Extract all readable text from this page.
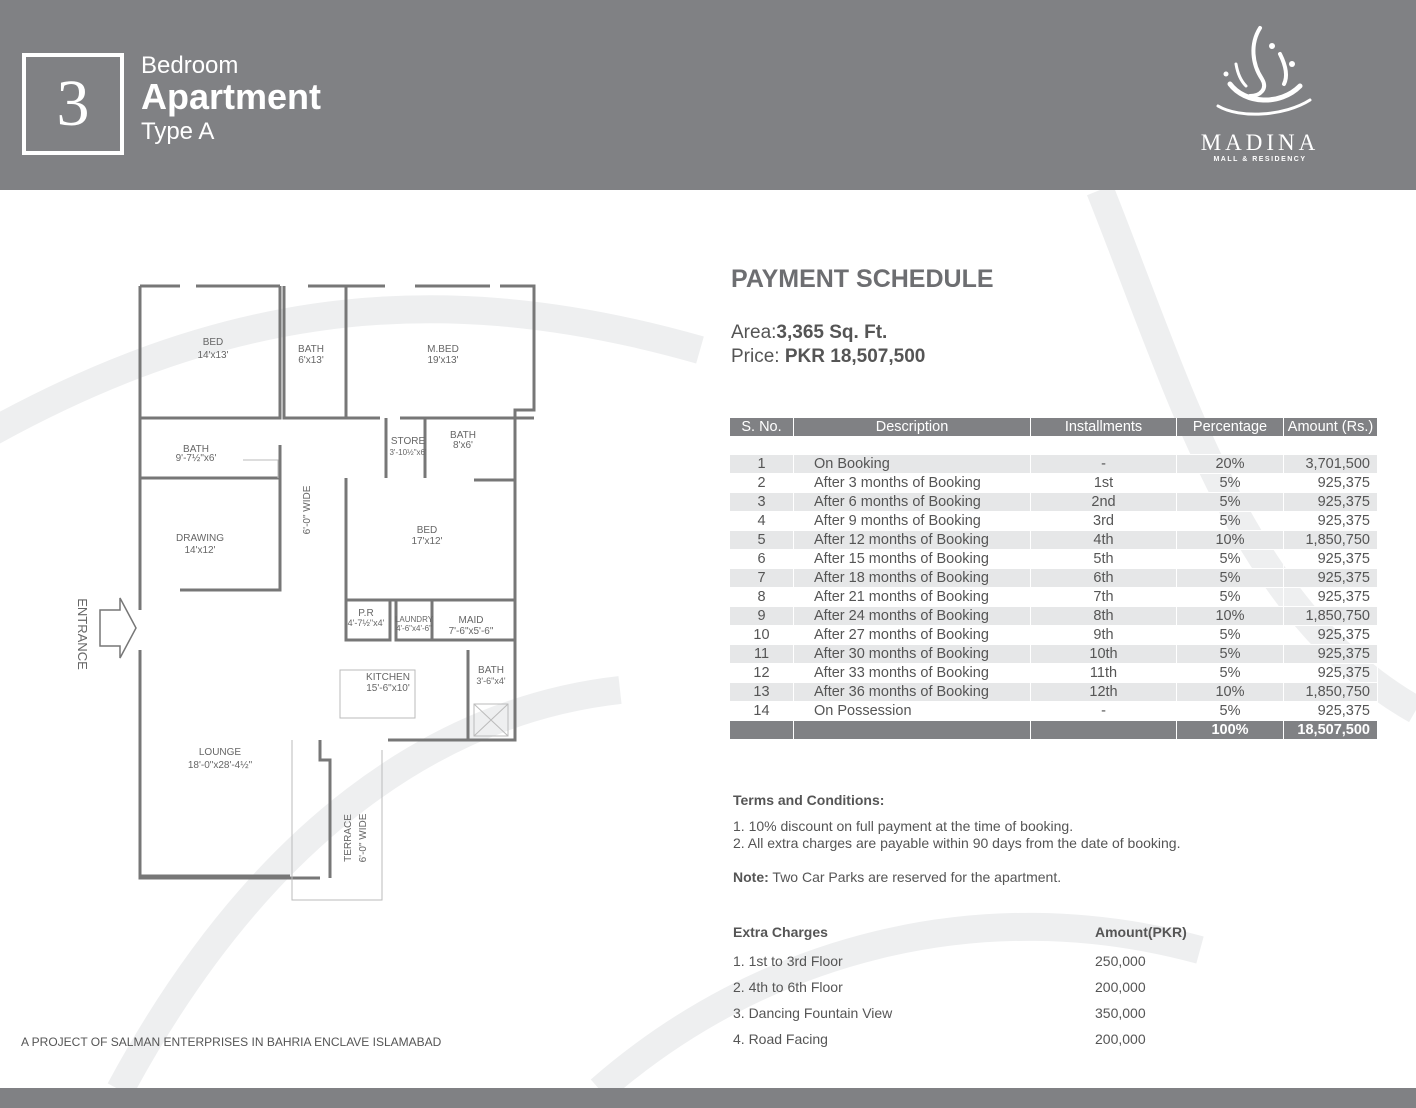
3
Bedroom
Apartment
Type A	MADINA
MALL & RESIDENCY
ENTRANCE
BED
14'x13'
BATH
6'x13'
M.BED
19'x13'
BATH
9'-7½"x6'
STORE
3'-10½"x6'
BATH
8'x6'
DRAWING
14'x12'
BED
17'x12'
P.R
4'-7½"x4' LAUNDRY
4'-6"x4'-6"
MAID
7'-6"x5'-6"
KITCHEN
15'-6"x10'
BATH
3'-6"x4'
LOUNGE
18'-0"x28'-4½"
6'-0" WIDE
TERRACE 6'-0" WIDE
PAYMENT SCHEDULE
Area:3,365 Sq. Ft.
Price: PKR 18,507,500
S. No.	Description	Installments	Percentage	Amount (Rs.)

1	On Booking	-	20%	3,701,500
2	After 3 months of Booking	1st	5%	925,375
3	After 6 months of Booking	2nd	5%	925,375
4	After 9 months of Booking	3rd	5%	925,375
5	After 12 months of Booking	4th	10%	1,850,750
6	After 15 months of Booking	5th	5%	925,375
7	After 18 months of Booking	6th	5%	925,375
8	After 21 months of Booking	7th	5%	925,375
9	After 24 months of Booking	8th	10%	1,850,750
10	After 27 months of Booking	9th	5%	925,375
11	After 30 months of Booking	10th	5%	925,375
12	After 33 months of Booking	11th	5%	925,375
13	After 36 months of Booking	12th	10%	1,850,750
14	On Possession	-	5%	925,375
			100%	18,507,500
Terms and Conditions:
1. 10% discount on full payment at the time of booking.
2. All extra charges are payable within 90 days from the date of booking.
Note: Two Car Parks are reserved for the apartment.
Extra Charges	Amount(PKR)
1. 1st to 3rd Floor	250,000
2. 4th to 6th Floor	200,000
3. Dancing Fountain View	350,000
4. Road Facing	200,000
A PROJECT OF SALMAN ENTERPRISES IN BAHRIA ENCLAVE ISLAMABAD
